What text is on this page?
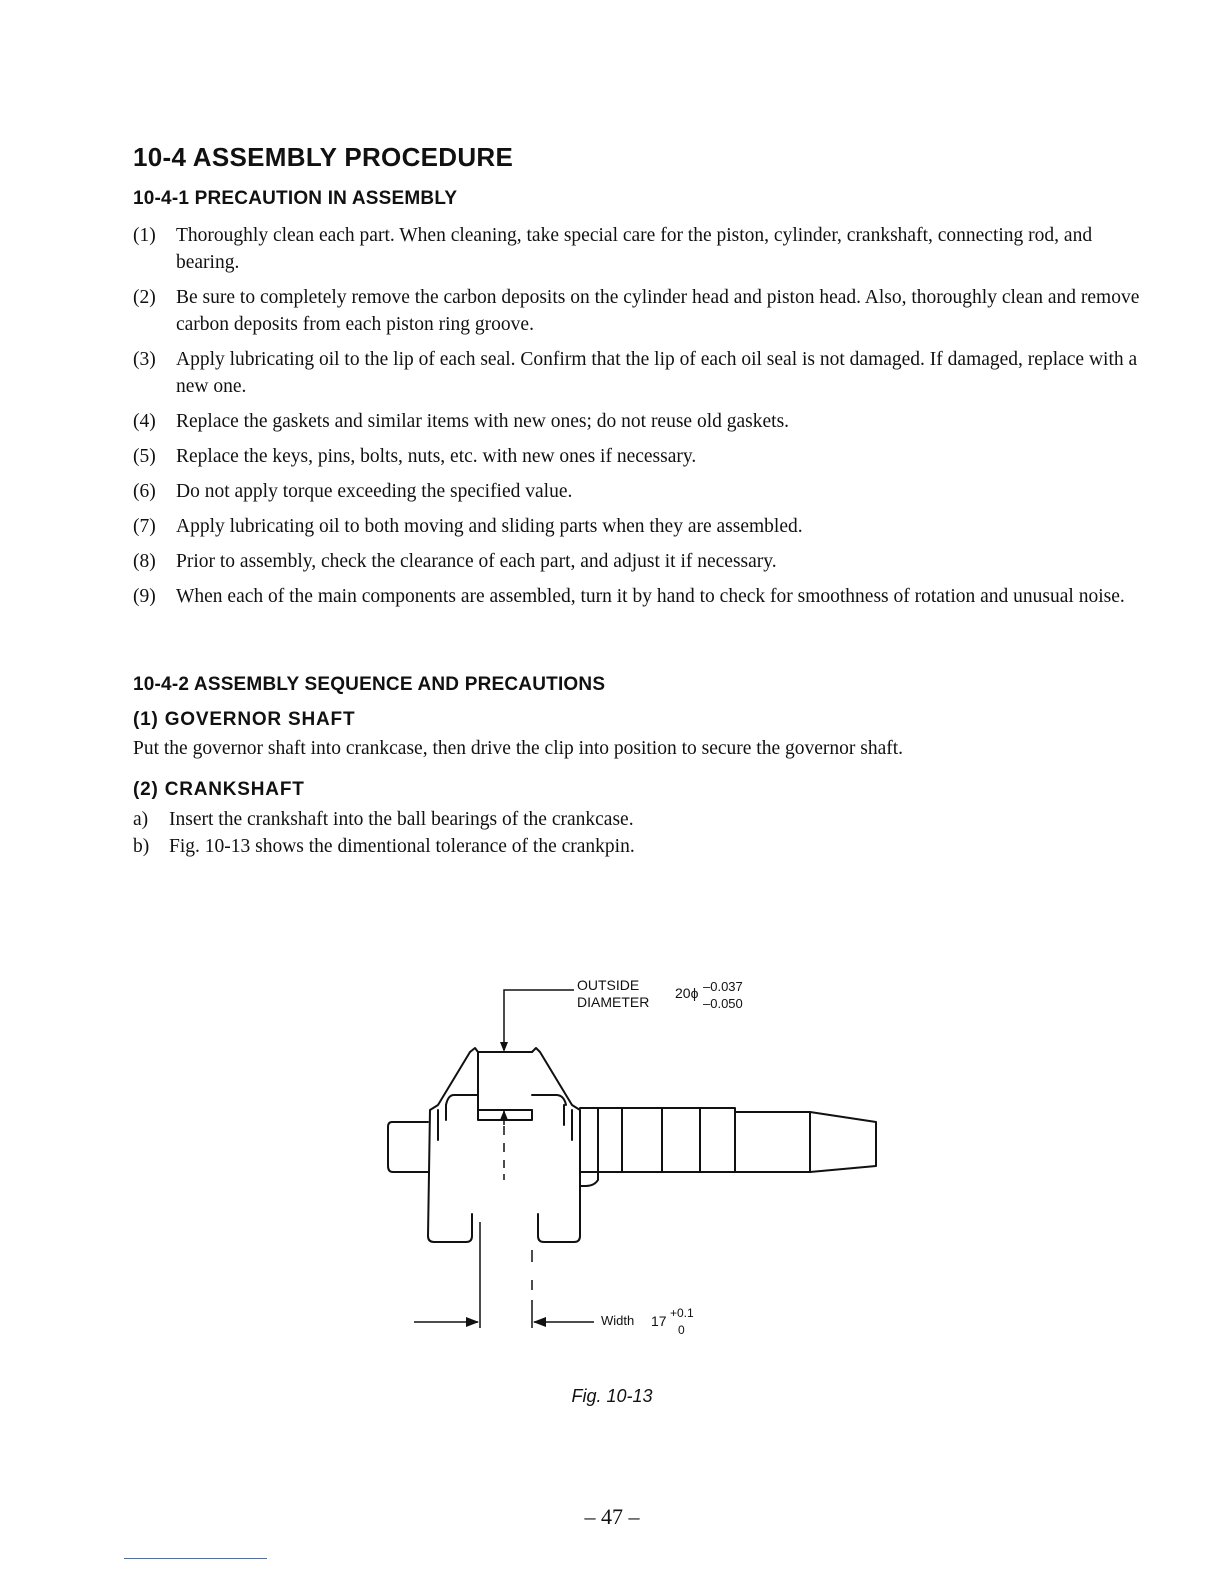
10-4 ASSEMBLY PROCEDURE
10-4-1 PRECAUTION IN ASSEMBLY
(1) Thoroughly clean each part. When cleaning, take special care for the piston, cylinder, crankshaft, connecting rod, and bearing.
(2) Be sure to completely remove the carbon deposits on the cylinder head and piston head. Also, thoroughly clean and remove carbon deposits from each piston ring groove.
(3) Apply lubricating oil to the lip of each seal. Confirm that the lip of each oil seal is not damaged. If damaged, replace with a new one.
(4) Replace the gaskets and similar items with new ones; do not reuse old gaskets.
(5) Replace the keys, pins, bolts, nuts, etc. with new ones if necessary.
(6) Do not apply torque exceeding the specified value.
(7) Apply lubricating oil to both moving and sliding parts when they are assembled.
(8) Prior to assembly, check the clearance of each part, and adjust it if necessary.
(9) When each of the main components are assembled, turn it by hand to check for smoothness of rotation and unusual noise.
10-4-2 ASSEMBLY SEQUENCE AND PRECAUTIONS
(1) GOVERNOR SHAFT

Put the governor shaft into crankcase, then drive the clip into position to secure the governor shaft.

(2) CRANKSHAFT
a) Insert the crankshaft into the ball bearings of the crankcase.
b) Fig. 10-13 shows the dimentional tolerance of the crankpin.
OUTSIDE
DIAMETER
20ϕ –0.037
–0.050
Width 17 +0.1
0
Fig. 10-13
– 47 –
